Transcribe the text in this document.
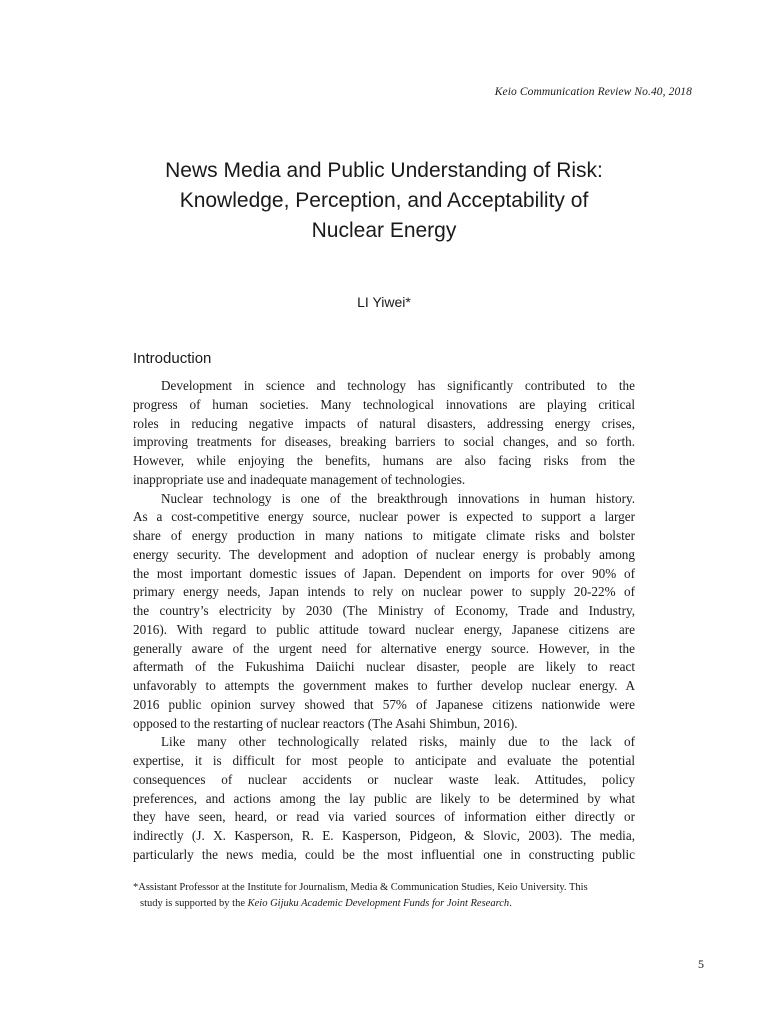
Keio Communication Review No.40, 2018
News Media and Public Understanding of Risk:
Knowledge, Perception, and Acceptability of
Nuclear Energy
LI Yiwei*
Introduction
Development in science and technology has significantly contributed to the
progress of human societies. Many technological innovations are playing critical
roles in reducing negative impacts of natural disasters, addressing energy crises,
improving treatments for diseases, breaking barriers to social changes, and so forth.
However, while enjoying the benefits, humans are also facing risks from the
inappropriate use and inadequate management of technologies.
Nuclear technology is one of the breakthrough innovations in human history.
As a cost-competitive energy source, nuclear power is expected to support a larger
share of energy production in many nations to mitigate climate risks and bolster
energy security. The development and adoption of nuclear energy is probably among
the most important domestic issues of Japan. Dependent on imports for over 90% of
primary energy needs, Japan intends to rely on nuclear power to supply 20-22% of
the country’s electricity by 2030 (The Ministry of Economy, Trade and Industry,
2016). With regard to public attitude toward nuclear energy, Japanese citizens are
generally aware of the urgent need for alternative energy source. However, in the
aftermath of the Fukushima Daiichi nuclear disaster, people are likely to react
unfavorably to attempts the government makes to further develop nuclear energy. A
2016 public opinion survey showed that 57% of Japanese citizens nationwide were
opposed to the restarting of nuclear reactors (The Asahi Shimbun, 2016).
Like many other technologically related risks, mainly due to the lack of
expertise, it is difficult for most people to anticipate and evaluate the potential
consequences of nuclear accidents or nuclear waste leak. Attitudes, policy
preferences, and actions among the lay public are likely to be determined by what
they have seen, heard, or read via varied sources of information either directly or
indirectly (J. X. Kasperson, R. E. Kasperson, Pidgeon, & Slovic, 2003). The media,
particularly the news media, could be the most influential one in constructing public
*Assistant Professor at the Institute for Journalism, Media & Communication Studies, Keio University. This
study is supported by the Keio Gijuku Academic Development Funds for Joint Research.
5
